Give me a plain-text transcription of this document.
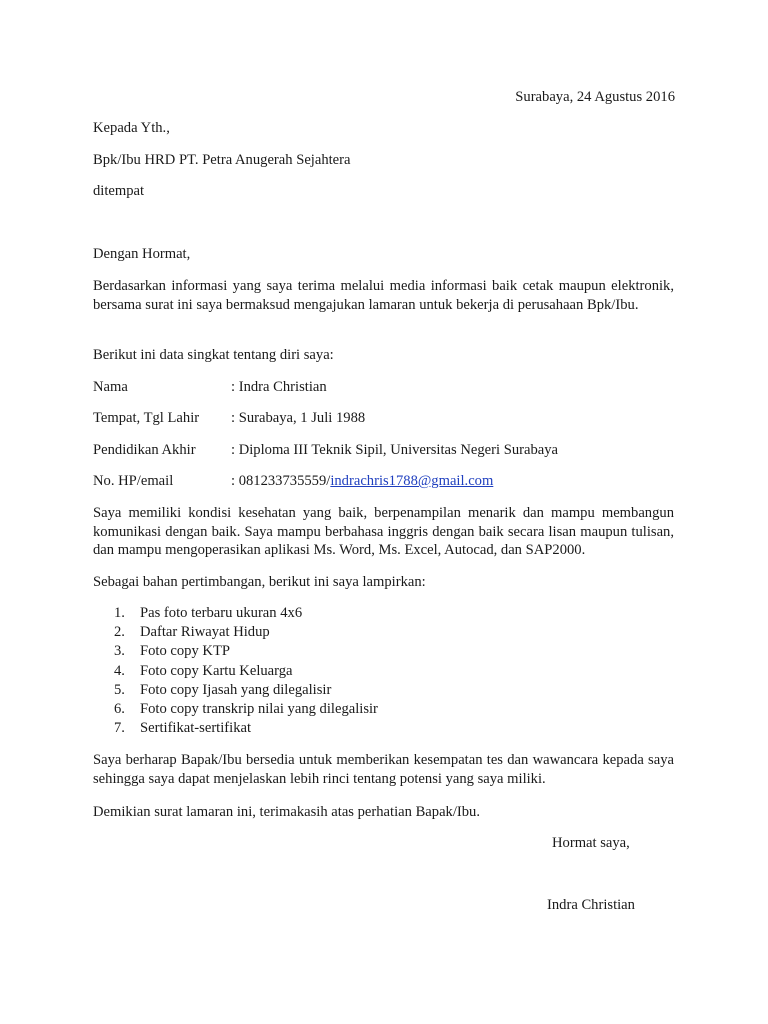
Surabaya, 24 Agustus 2016
Kepada Yth.,
Bpk/Ibu HRD PT. Petra Anugerah Sejahtera
ditempat
Dengan Hormat,
Berdasarkan informasi yang saya terima melalui media informasi baik cetak maupun elektronik, bersama surat ini saya bermaksud mengajukan lamaran untuk bekerja di perusahaan Bpk/Ibu.
Berikut ini data singkat tentang diri saya:
Nama	: Indra Christian
Tempat, Tgl Lahir : Surabaya, 1 Juli 1988
Pendidikan Akhir : Diploma III Teknik Sipil, Universitas Negeri Surabaya
No. HP/email	: 081233735559/indrachris1788@gmail.com
Saya memiliki kondisi kesehatan yang baik, berpenampilan menarik dan mampu membangun komunikasi dengan baik. Saya mampu berbahasa inggris dengan baik secara lisan maupun tulisan, dan mampu mengoperasikan aplikasi Ms. Word, Ms. Excel, Autocad, dan SAP2000.
Sebagai bahan pertimbangan, berikut ini saya lampirkan:
1. Pas foto terbaru ukuran 4x6
2. Daftar Riwayat Hidup
3. Foto copy KTP
4. Foto copy Kartu Keluarga
5. Foto copy Ijasah yang dilegalisir
6. Foto copy transkrip nilai yang dilegalisir
7. Sertifikat-sertifikat
Saya berharap Bapak/Ibu bersedia untuk memberikan kesempatan tes dan wawancara kepada saya sehingga saya dapat menjelaskan lebih rinci tentang potensi yang saya miliki.
Demikian surat lamaran ini, terimakasih atas perhatian Bapak/Ibu.
Hormat saya,
Indra Christian
